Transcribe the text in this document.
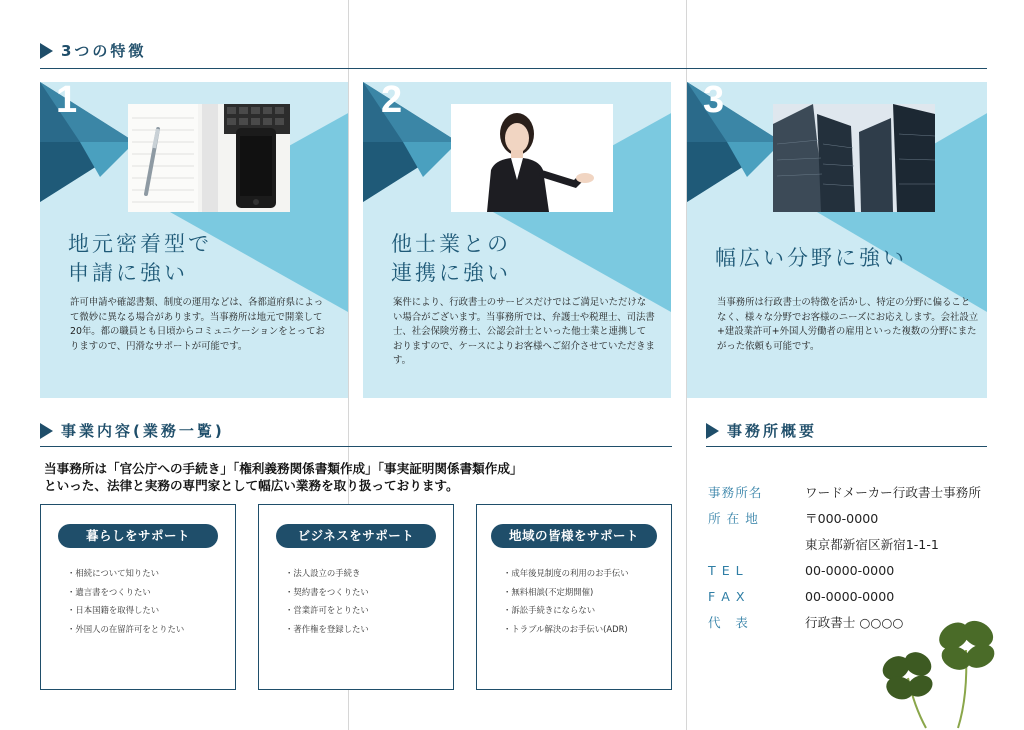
3つの特徴
1
地元密着型で
申請に強い
許可申請や確認書類、制度の運用などは、各都道府県によって微妙に異なる場合があります。当事務所は地元で開業して20年。都の職員とも日頃からコミュニケーションをとっておりますので、円滑なサポートが可能です。
2
他士業との
連携に強い
案件により、行政書士のサービスだけではご満足いただけない場合がございます。当事務所では、弁護士や税理士、司法書士、社会保険労務士、公認会計士といった他士業と連携しておりますので、ケースによりお客様へご紹介させていただきます。
3
幅広い分野に強い
当事務所は行政書士の特徴を活かし、特定の分野に偏ることなく、様々な分野でお客様のニーズにお応えします。会社設立+建設業許可+外国人労働者の雇用といった複数の分野にまたがった依頼も可能です。
事業内容(業務一覧)
当事務所は「官公庁への手続き」「権利義務関係書類作成」「事実証明関係書類作成」
といった、法律と実務の専門家として幅広い業務を取り扱っております。
暮らしをサポート
・ 相続について知りたい
・ 遺言書をつくりたい
・ 日本国籍を取得したい
・ 外国人の在留許可をとりたい
ビジネスをサポート
・ 法人設立の手続き
・ 契約書をつくりたい
・ 営業許可をとりたい
・ 著作権を登録したい
地域の皆様をサポート
・ 成年後見制度の利用のお手伝い
・ 無料相談(不定期開催)
・ 訴訟手続きにならない
・ トラブル解決のお手伝い(ADR)
事務所概要
事務所名	ワードメーカー行政書士事務所
所 在 地	〒000-0000
東京都新宿区新宿1-1-1
T E L	00-0000-0000
F A X	00-0000-0000
代　表	行政書士 ○○○○
